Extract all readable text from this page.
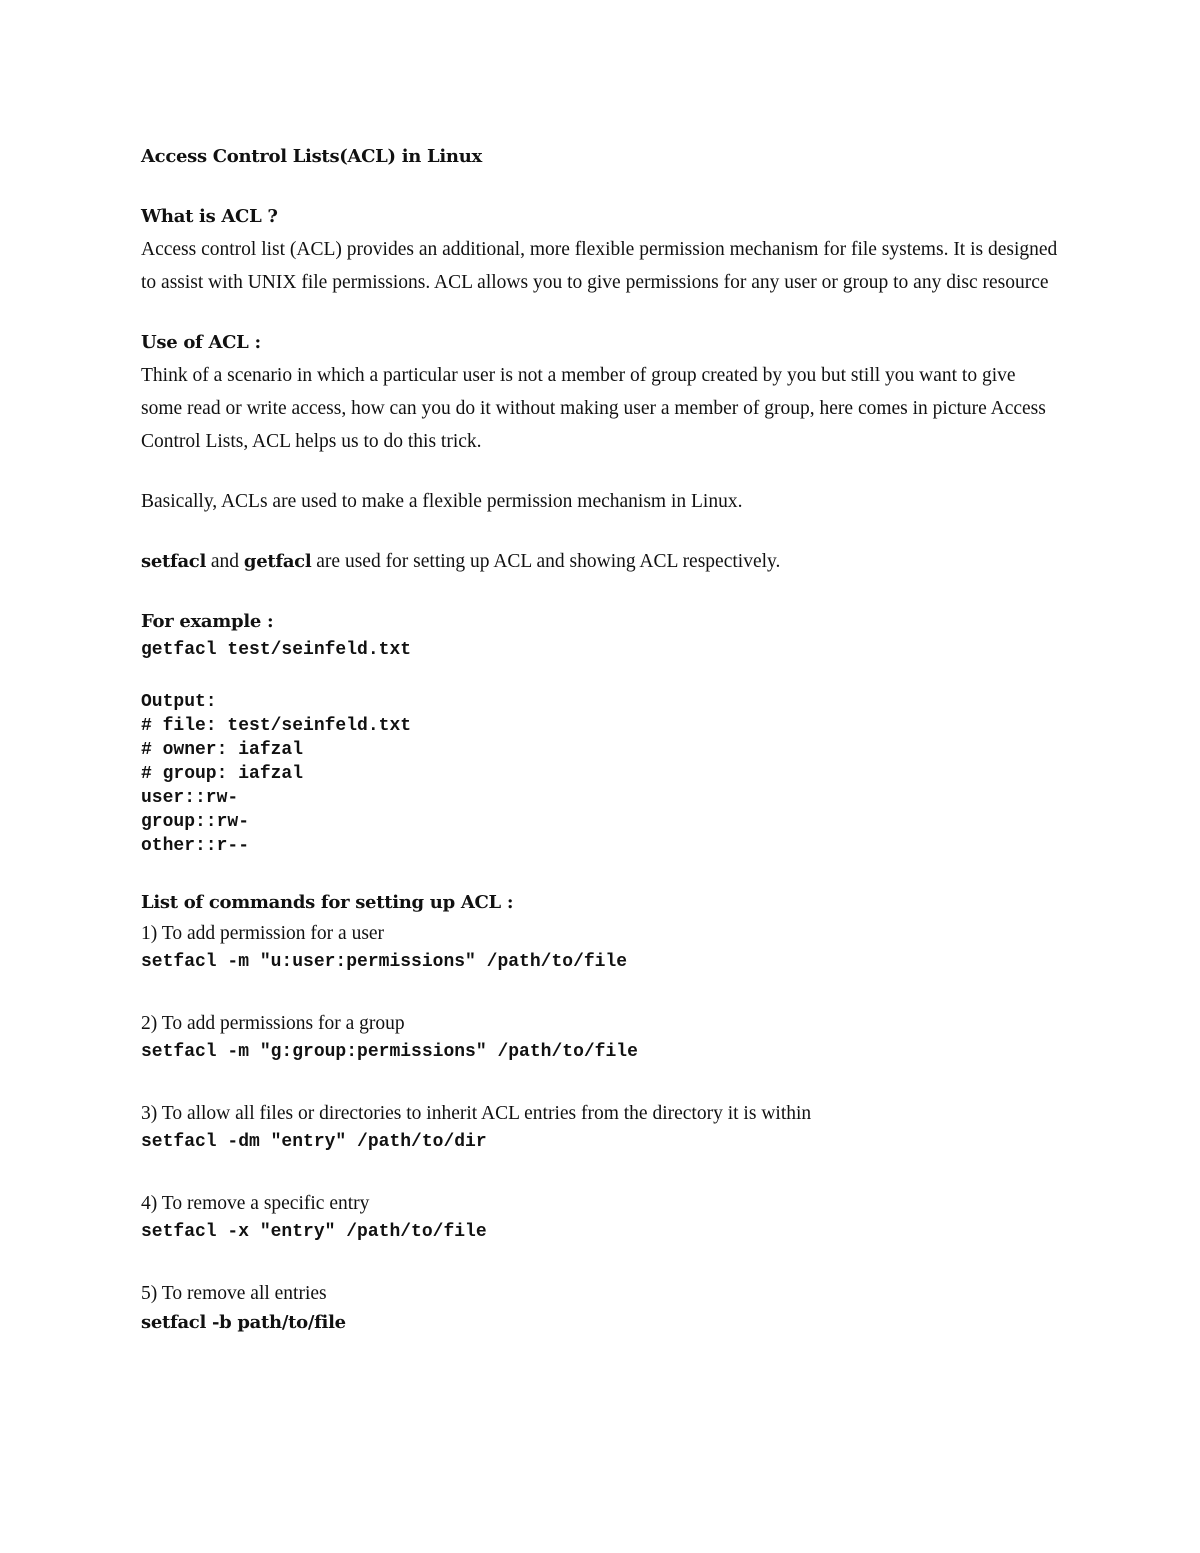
Access Control Lists(ACL) in Linux

What is ACL ?

Access control list (ACL) provides an additional, more flexible permission mechanism for file systems. It is designed to assist with UNIX file permissions. ACL allows you to give permissions for any user or group to any disc resource

Use of ACL :

Think of a scenario in which a particular user is not a member of group created by you but still you want to give some read or write access, how can you do it without making user a member of group, here comes in picture Access Control Lists, ACL helps us to do this trick.

Basically, ACLs are used to make a flexible permission mechanism in Linux.

setfacl and getfacl are used for setting up ACL and showing ACL respectively.

For example :

getfacl test/seinfeld.txt

Output:

# file: test/seinfeld.txt

# owner: iafzal

# group: iafzal

user::rw-

group::rw-

other::r--

List of commands for setting up ACL :

1) To add permission for a user

setfacl -m "u:user:permissions" /path/to/file

2) To add permissions for a group

setfacl -m "g:group:permissions" /path/to/file

3) To allow all files or directories to inherit ACL entries from the directory it is within

setfacl -dm "entry" /path/to/dir

4) To remove a specific entry

setfacl -x "entry" /path/to/file

5) To remove all entries

setfacl -b path/to/file
